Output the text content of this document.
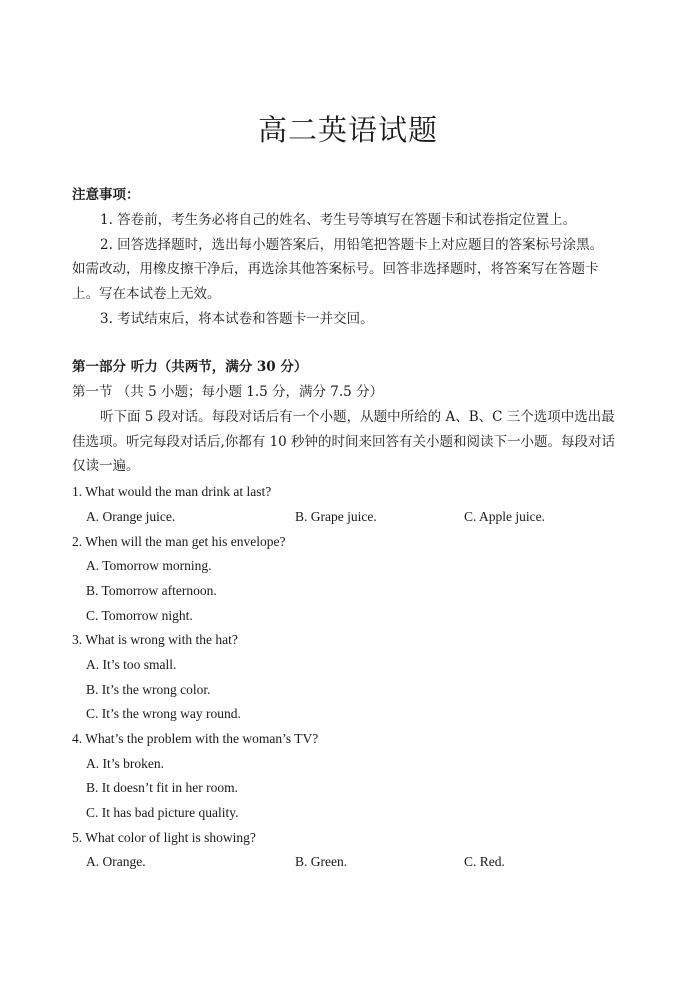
高二英语试题
注意事项：
1. 答卷前，考生务必将自己的姓名、考生号等填写在答题卡和试卷指定位置上。
2. 回答选择题时，选出每小题答案后，用铅笔把答题卡上对应题目的答案标号涂黑。
如需改动，用橡皮擦干净后，再选涂其他答案标号。回答非选择题时，将答案写在答题卡
上。写在本试卷上无效。
3. 考试结束后，将本试卷和答题卡一并交回。
第一部分 听力（共两节，满分 30 分）
第一节 （共 5 小题；每小题 1.5 分，满分 7.5 分）
听下面 5 段对话。每段对话后有一个小题，从题中所给的 A、B、C 三个选项中选出最
佳选项。听完每段对话后,你都有 10 秒钟的时间来回答有关小题和阅读下一小题。每段对话
仅读一遍。
1. What would the man drink at last?
A. Orange juice.	B. Grape juice.	C. Apple juice.
2. When will the man get his envelope?
A. Tomorrow morning.
B. Tomorrow afternoon.
C. Tomorrow night.
3. What is wrong with the hat?
A. It’s too small.
B. It’s the wrong color.
C. It’s the wrong way round.
4. What’s the problem with the woman’s TV?
A. It’s broken.
B. It doesn’t fit in her room.
C. It has bad picture quality.
5. What color of light is showing?
A. Orange.	B. Green.	C. Red.
